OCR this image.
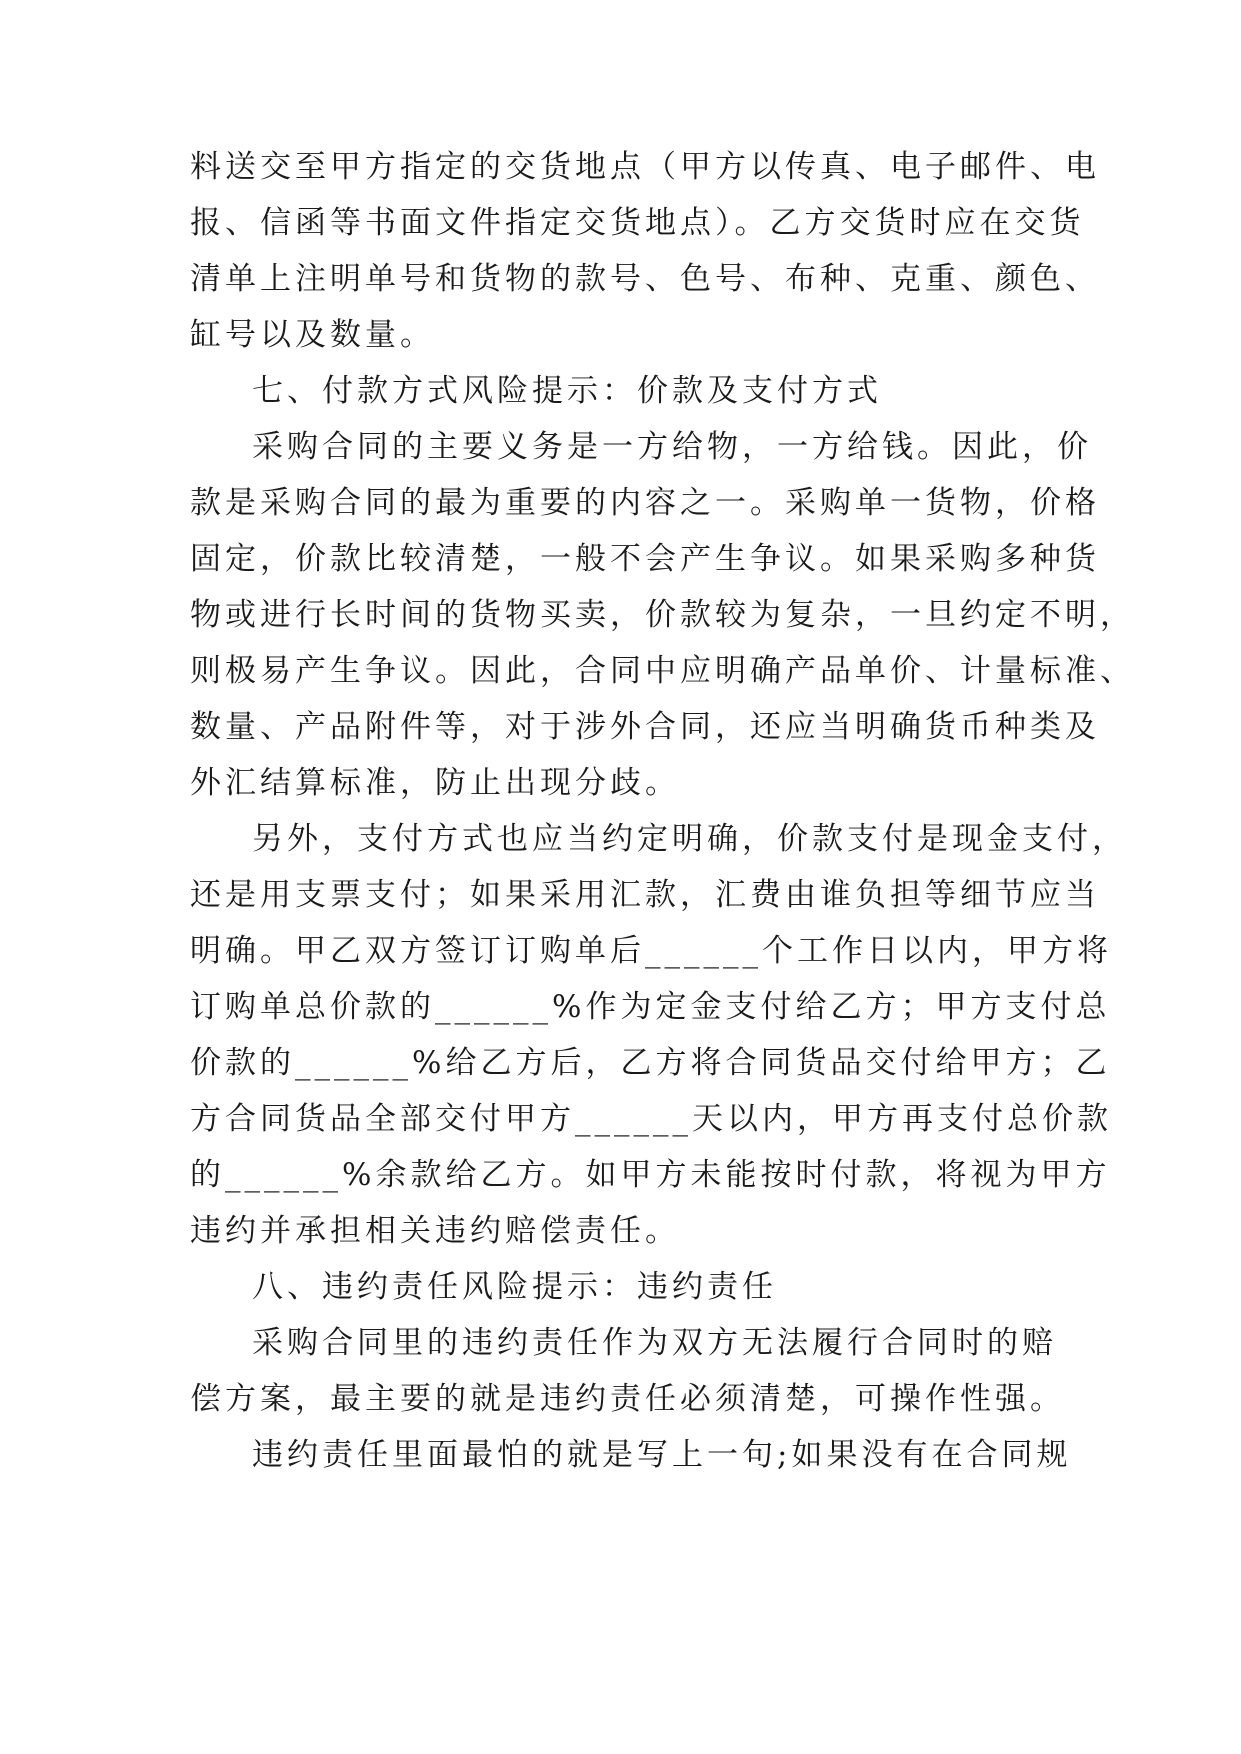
料送交至甲方指定的交货地点（甲方以传真、电子邮件、电
报、信函等书面文件指定交货地点）。乙方交货时应在交货
清单上注明单号和货物的款号、色号、布种、克重、颜色、
缸号以及数量。
七、付款方式风险提示：价款及支付方式
采购合同的主要义务是一方给物，一方给钱。因此，价
款是采购合同的最为重要的内容之一。采购单一货物，价格
固定，价款比较清楚，一般不会产生争议。如果采购多种货
物或进行长时间的货物买卖，价款较为复杂，一旦约定不明，
则极易产生争议。因此，合同中应明确产品单价、计量标准、
数量、产品附件等，对于涉外合同，还应当明确货币种类及
外汇结算标准，防止出现分歧。
另外，支付方式也应当约定明确，价款支付是现金支付，
还是用支票支付；如果采用汇款，汇费由谁负担等细节应当
明确。甲乙双方签订订购单后______个工作日以内，甲方将
订购单总价款的______%作为定金支付给乙方；甲方支付总
价款的______%给乙方后，乙方将合同货品交付给甲方；乙
方合同货品全部交付甲方______天以内，甲方再支付总价款
的______%余款给乙方。如甲方未能按时付款，将视为甲方
违约并承担相关违约赔偿责任。
八、违约责任风险提示：违约责任
采购合同里的违约责任作为双方无法履行合同时的赔
偿方案，最主要的就是违约责任必须清楚，可操作性强。
违约责任里面最怕的就是写上一句;如果没有在合同规
